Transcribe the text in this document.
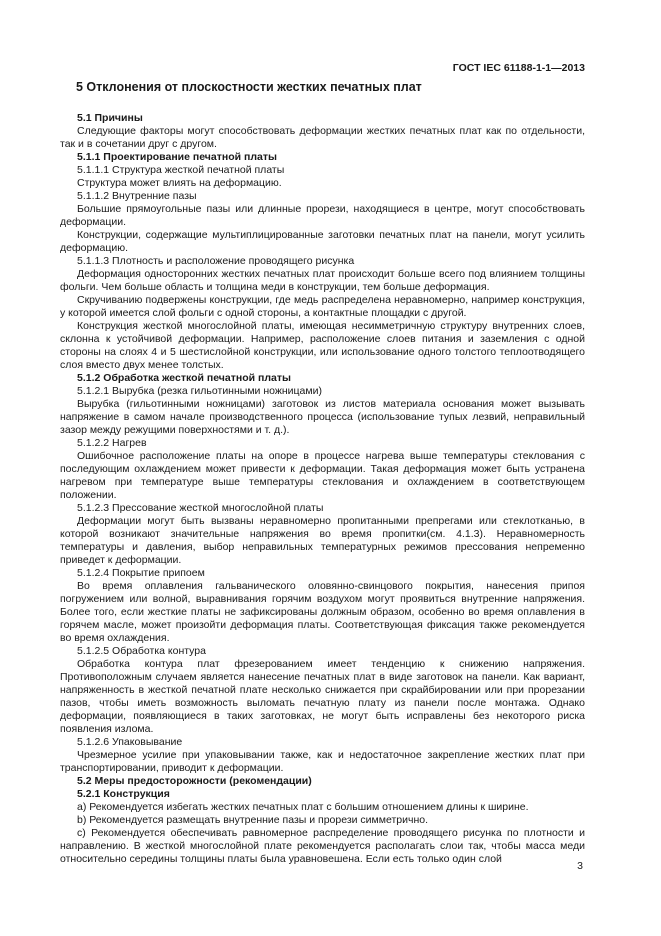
ГОСТ IEC 61188-1-1—2013
5 Отклонения от плоскостности жестких печатных плат
5.1 Причины
Следующие факторы могут способствовать деформации жестких печатных плат как по отдельности, так и в сочетании друг с другом.
5.1.1 Проектирование печатной платы
5.1.1.1 Структура жесткой печатной платы
Структура может влиять на деформацию.
5.1.1.2 Внутренние пазы
Большие прямоугольные пазы или длинные прорези, находящиеся в центре, могут способствовать деформации.
Конструкции, содержащие мультиплицированные заготовки печатных плат на панели, могут усилить деформацию.
5.1.1.3 Плотность и расположение проводящего рисунка
Деформация односторонних жестких печатных плат происходит больше всего под влиянием толщины фольги. Чем больше область и толщина меди в конструкции, тем больше деформация.
Скручиванию подвержены конструкции, где медь распределена неравномерно, например конструкция, у которой имеется слой фольги с одной стороны, а контактные площадки с другой.
Конструкция жесткой многослойной платы, имеющая несимметричную структуру внутренних слоев, склонна к устойчивой деформации. Например, расположение слоев питания и заземления с одной стороны на слоях 4 и 5 шестислойной конструкции, или использование одного толстого теплоотводящего слоя вместо двух менее толстых.
5.1.2 Обработка жесткой печатной платы
5.1.2.1 Вырубка (резка гильотинными ножницами)
Вырубка (гильотинными ножницами) заготовок из листов материала основания может вызывать напряжение в самом начале производственного процесса (использование тупых лезвий, неправильный зазор между режущими поверхностями и т. д.).
5.1.2.2 Нагрев
Ошибочное расположение платы на опоре в процессе нагрева выше температуры стеклования с последующим охлаждением может привести к деформации. Такая деформация может быть устранена нагревом при температуре выше температуры стеклования и охлаждением в соответствующем положении.
5.1.2.3 Прессование жесткой многослойной платы
Деформации могут быть вызваны неравномерно пропитанными препрегами или стеклотканью, в которой возникают значительные напряжения во время пропитки(см. 4.1.3). Неравномерность температуры и давления, выбор неправильных температурных режимов прессования непременно приведет к деформации.
5.1.2.4 Покрытие припоем
Во время оплавления гальванического оловянно-свинцового покрытия, нанесения припоя погружением или волной, выравнивания горячим воздухом могут проявиться внутренние напряжения. Более того, если жесткие платы не зафиксированы должным образом, особенно во время оплавления в горячем масле, может произойти деформация платы. Соответствующая фиксация также рекомендуется во время охлаждения.
5.1.2.5 Обработка контура
Обработка контура плат фрезерованием имеет тенденцию к снижению напряжения. Противоположным случаем является нанесение печатных плат в виде заготовок на панели. Как вариант, напряженность в жесткой печатной плате несколько снижается при скрайбировании или при прорезании пазов, чтобы иметь возможность выломать печатную плату из панели после монтажа. Однако деформации, появляющиеся в таких заготовках, не могут быть исправлены без некоторого риска появления излома.
5.1.2.6 Упаковывание
Чрезмерное усилие при упаковывании также, как и недостаточное закрепление жестких плат при транспортировании, приводит к деформации.
5.2 Меры предосторожности (рекомендации)
5.2.1 Конструкция
а) Рекомендуется избегать жестких печатных плат с большим отношением длины к ширине.
b) Рекомендуется размещать внутренние пазы и прорези симметрично.
с) Рекомендуется обеспечивать равномерное распределение проводящего рисунка по плотности и направлению. В жесткой многослойной плате рекомендуется располагать слои так, чтобы масса меди относительно середины толщины платы была уравновешена. Если есть только один слой
3
